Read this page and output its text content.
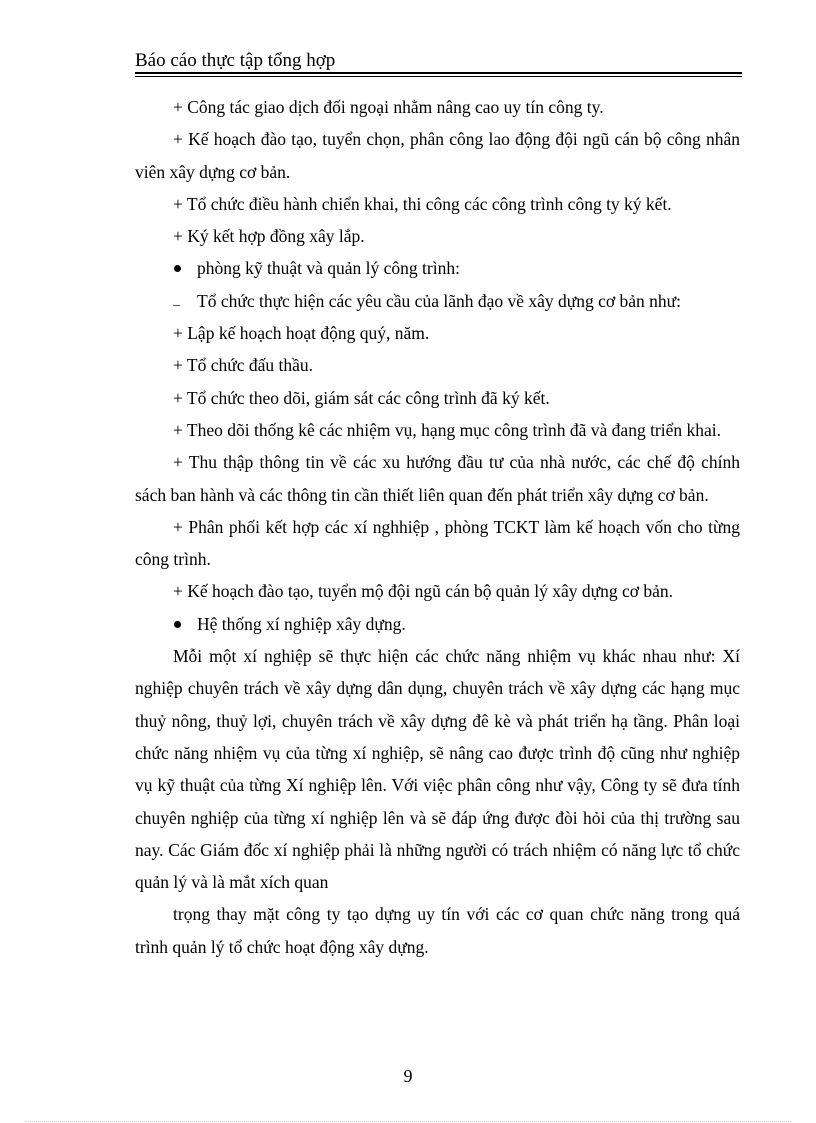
Báo cáo thực tập tổng hợp

+ Công tác giao dịch đối ngoại nhằm nâng cao uy tín công ty.

+ Kế hoạch đào tạo, tuyển chọn, phân công lao động đội ngũ cán bộ công nhân viên xây dựng cơ bản.

+ Tổ chức điều hành chiển khai, thi công các công trình công ty ký kết.

+ Ký kết hợp đồng xây lắp.

phòng kỹ thuật và quản lý công trình:
_ Tổ chức thực hiện các yêu cầu của lãnh đạo về xây dựng cơ bản như:

+ Lập kế hoạch hoạt động quý, năm.

+ Tổ chức đấu thầu.

+ Tổ chức theo dõi, giám sát các công trình đã ký kết.

+ Theo dõi thống kê các nhiệm vụ, hạng mục công trình đã và đang triển khai.

+ Thu thập thông tin về các xu hướng đầu tư của nhà nước, các chế độ chính sách ban hành và các thông tin cần thiết liên quan đến phát triển xây dựng cơ bản.

+ Phân phối kết hợp các xí nghhiệp , phòng TCKT làm kế hoạch vốn cho từng công trình.

+ Kế hoạch đào tạo, tuyển mộ đội ngũ cán bộ quản lý xây dựng cơ bản.

Hệ thống xí nghiệp xây dựng.

Mỗi một xí nghiệp sẽ thực hiện các chức năng nhiệm vụ khác nhau như: Xí nghiệp chuyên trách về xây dựng dân dụng, chuyên trách về xây dựng các hạng mục thuỷ nông, thuỷ lợi, chuyên trách về xây dựng đê kè và phát triển hạ tầng. Phân loại chức năng nhiệm vụ của từng xí nghiệp, sẽ nâng cao được trình độ cũng như nghiệp vụ kỹ thuật của từng Xí nghiệp lên. Với việc phân công như vậy, Công ty sẽ đưa tính chuyên nghiệp của từng xí nghiệp lên và sẽ đáp ứng được đòi hỏi của thị trường sau nay. Các Giám đốc xí nghiệp phải là những người có trách nhiệm có năng lực tổ chức quản lý và là mắt xích quan

trọng thay mặt công ty tạo dựng uy tín với các cơ quan chức năng trong quá trình quản lý tổ chức hoạt động xây dựng.

9
